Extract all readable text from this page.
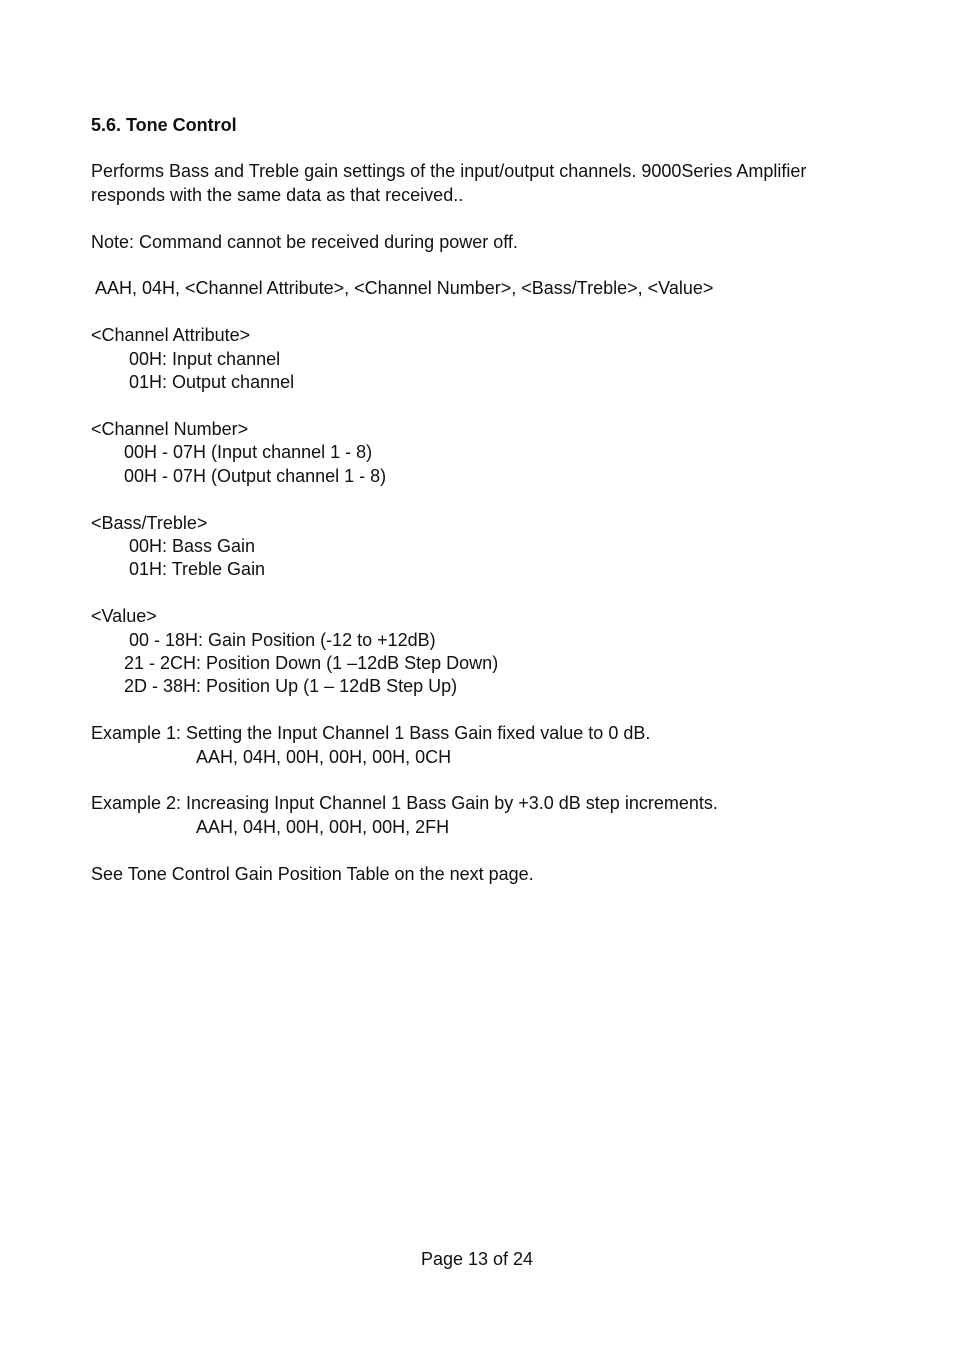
5.6. Tone Control
Performs Bass and Treble gain settings of the input/output channels. 9000Series Amplifier
responds with the same data as that received..
Note: Command cannot be received during power off.
AAH, 04H, <Channel Attribute>, <Channel Number>, <Bass/Treble>, <Value>
<Channel Attribute>
00H: Input channel
01H: Output channel
<Channel Number>
00H - 07H (Input channel 1 - 8)
00H - 07H (Output channel 1 - 8)
<Bass/Treble>
00H: Bass Gain
01H: Treble Gain
<Value>
00 - 18H: Gain Position (-12 to +12dB)
21 - 2CH: Position Down (1 –12dB Step Down)
2D - 38H: Position Up (1 – 12dB Step Up)
Example 1: Setting the Input Channel 1 Bass Gain fixed value to 0 dB.
AAH, 04H, 00H, 00H, 00H, 0CH
Example 2: Increasing Input Channel 1 Bass Gain by +3.0 dB step increments.
AAH, 04H, 00H, 00H, 00H, 2FH
See Tone Control Gain Position Table on the next page.
Page 13 of 24
